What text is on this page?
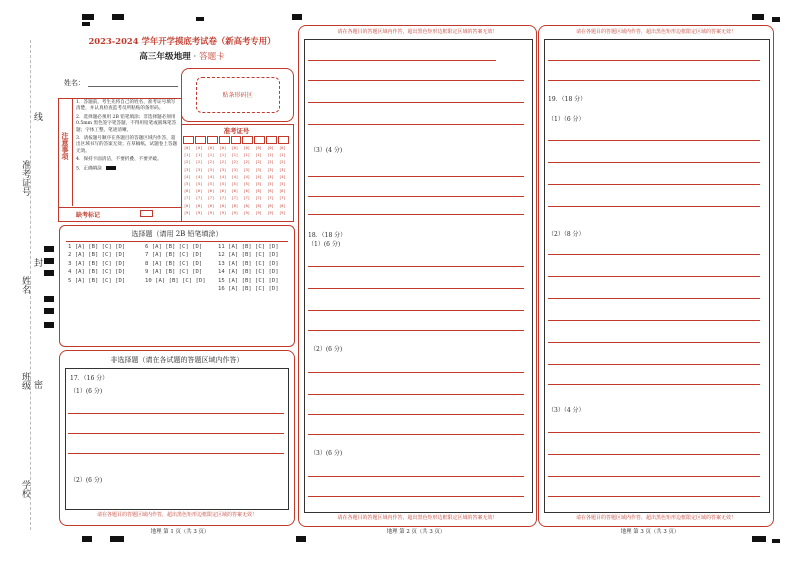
准考证号
姓名
班级
学校
线
封
密
2023-2024 学年开学摸底考试卷（新高考专用）
高三年级地理 · 答题卡
姓名：
贴条形码区
注意事项
1．答题前，考生先将自己的姓名、准考证号填写清楚，并认真检查监考员所粘贴的条形码。
2．选择题必须用 2B 铅笔填涂；非选择题必须用 0.5mm 黑色签字笔答题，不得用铅笔或圆珠笔答题；字体工整、笔迹清晰。
3．请按题号顺序在各题目的答题区域内作答，超出区域书写的答案无效；在草稿纸、试题卷上答题无效。
4．保持卡面清洁，不要折叠、不要弄破。
5．正确填涂
缺考标记
准考证号
[0] [0] [0] [0] [0] [0] [0] [0] [0]
[1] [1] [1] [1] [1] [1] [1] [1] [1]
[2] [2] [2] [2] [2] [2] [2] [2] [2]
[3] [3] [3] [3] [3] [3] [3] [3] [3]
[4] [4] [4] [4] [4] [4] [4] [4] [4]
[5] [5] [5] [5] [5] [5] [5] [5] [5]
[6] [6] [6] [6] [6] [6] [6] [6] [6]
[7] [7] [7] [7] [7] [7] [7] [7] [7]
[8] [8] [8] [8] [8] [8] [8] [8] [8]
[9] [9] [9] [9] [9] [9] [9] [9] [9]
选择题（请用 2B 铅笔填涂）
1 [A] [B] [C] [D]
2 [A] [B] [C] [D]
3 [A] [B] [C] [D]
4 [A] [B] [C] [D]
5 [A] [B] [C] [D]
6 [A] [B] [C] [D]
7 [A] [B] [C] [D]
8 [A] [B] [C] [D]
9 [A] [B] [C] [D]
10 [A] [B] [C] [D]
11 [A] [B] [C] [D]
12 [A] [B] [C] [D]
13 [A] [B] [C] [D]
14 [A] [B] [C] [D]
15 [A] [B] [C] [D]
16 [A] [B] [C] [D]
非选择题（请在各试题的答题区域内作答）
17．（16 分）
（1）(6 分)
（2）(6 分)
请在各题目的答题区域内作答，超出黑色矩形边框限定区域的答案无效！
地理 第 1 页（共 3 页）
请在各题目的答题区域内作答，超出黑色矩形边框限定区域的答案无效！
请在各题目的答题区域内作答，超出黑色矩形边框限定区域的答案无效！
（3）(4 分)
18．（18 分）
（1）(6 分)
（2）(6 分)
（3）(6 分)
地理 第 2 页（共 3 页）
请在各题目的答题区域内作答，超出黑色矩形边框限定区域的答案无效！
请在各题目的答题区域内作答，超出黑色矩形边框限定区域的答案无效！
19．（18 分）
（1）（6 分）
（2）（8 分）
（3）（4 分）
地理 第 3 页（共 3 页）
